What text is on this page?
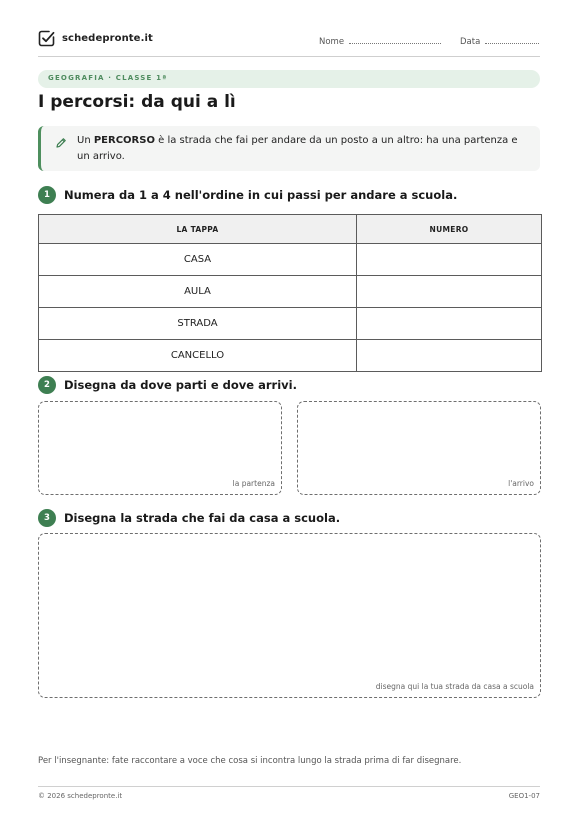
schedepronte.it	Nome	Data
GEOGRAFIA · CLASSE 1ª
I percorsi: da qui a lì

Un PERCORSO è la strada che fai per andare da un posto a un altro: ha una partenza e un arrivo.

1	Numera da 1 a 4 nell'ordine in cui passi per andare a scuola.
LA TAPPA	NUMERO
CASA	
AULA	
STRADA	
CANCELLO	
2	Disegna da dove parti e dove arrivi.
la partenza	l'arrivo
3	Disegna la strada che fai da casa a scuola.
disegna qui la tua strada da casa a scuola

Per l'insegnante: fate raccontare a voce che cosa si incontra lungo la strada prima di far disegnare.

© 2026 schedepronte.it	GEO1-07
